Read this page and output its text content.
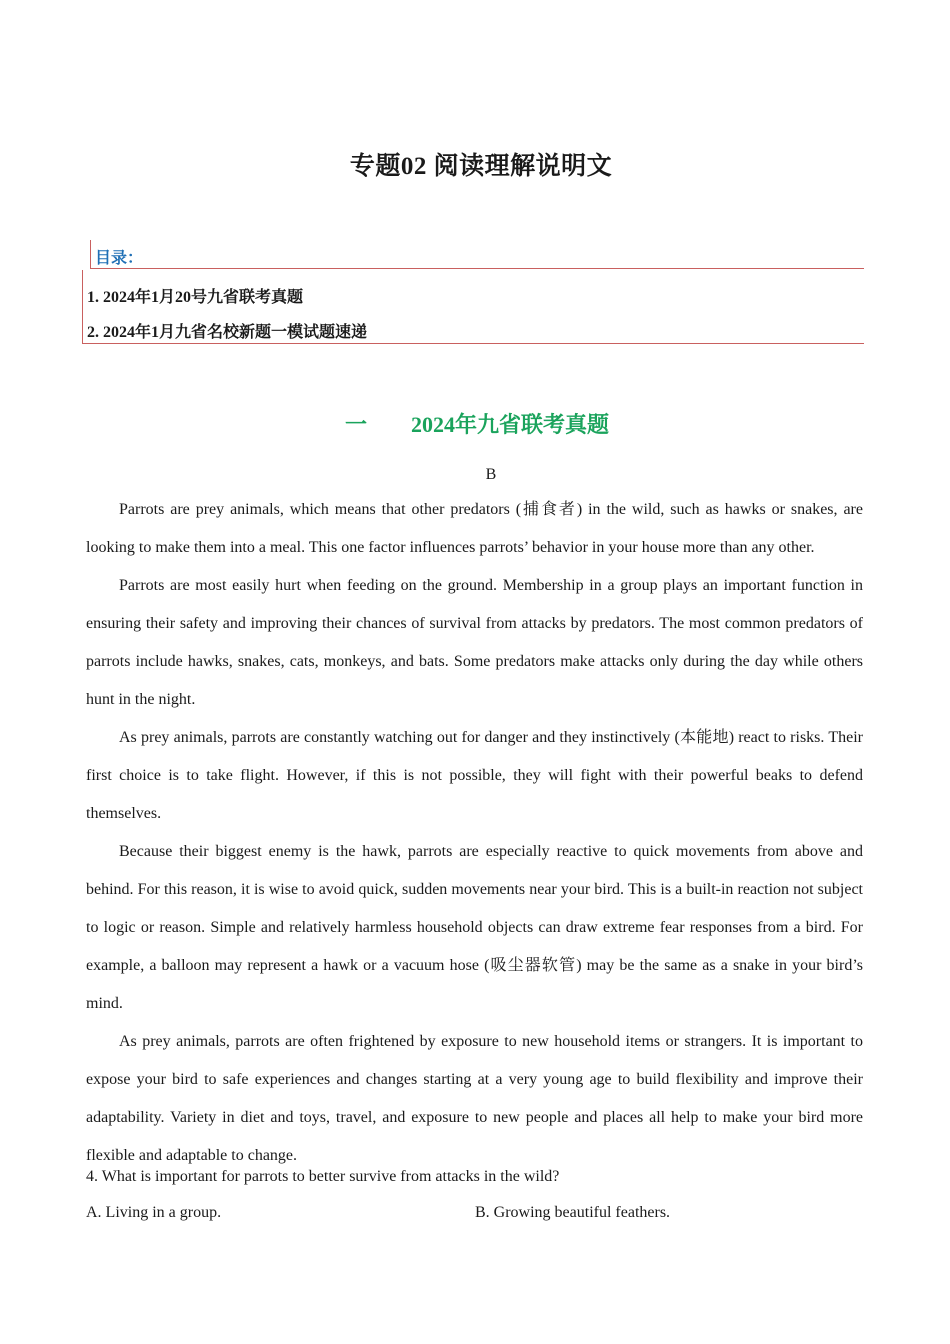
专题02 阅读理解说明文
目录：
1. 2024年1月20号九省联考真题
2. 2024年1月九省名校新题一模试题速递
一 2024年九省联考真题
B

Parrots are prey animals, which means that other predators (捕食者) in the wild, such as hawks or snakes, are looking to make them into a meal. This one factor influences parrots’ behavior in your house more than any other.

Parrots are most easily hurt when feeding on the ground. Membership in a group plays an important function in ensuring their safety and improving their chances of survival from attacks by predators. The most common predators of parrots include hawks, snakes, cats, monkeys, and bats. Some predators make attacks only during the day while others hunt in the night.

As prey animals, parrots are constantly watching out for danger and they instinctively (本能地) react to risks. Their first choice is to take flight. However, if this is not possible, they will fight with their powerful beaks to defend themselves.

Because their biggest enemy is the hawk, parrots are especially reactive to quick movements from above and behind. For this reason, it is wise to avoid quick, sudden movements near your bird. This is a built-in reaction not subject to logic or reason. Simple and relatively harmless household objects can draw extreme fear responses from a bird. For example, a balloon may represent a hawk or a vacuum hose (吸尘器软管) may be the same as a snake in your bird’s mind.

As prey animals, parrots are often frightened by exposure to new household items or strangers. It is important to expose your bird to safe experiences and changes starting at a very young age to build flexibility and improve their adaptability. Variety in diet and toys, travel, and exposure to new people and places all help to make your bird more flexible and adaptable to change.

4. What is important for parrots to better survive from attacks in the wild?
A. Living in a group.	B. Growing beautiful feathers.
